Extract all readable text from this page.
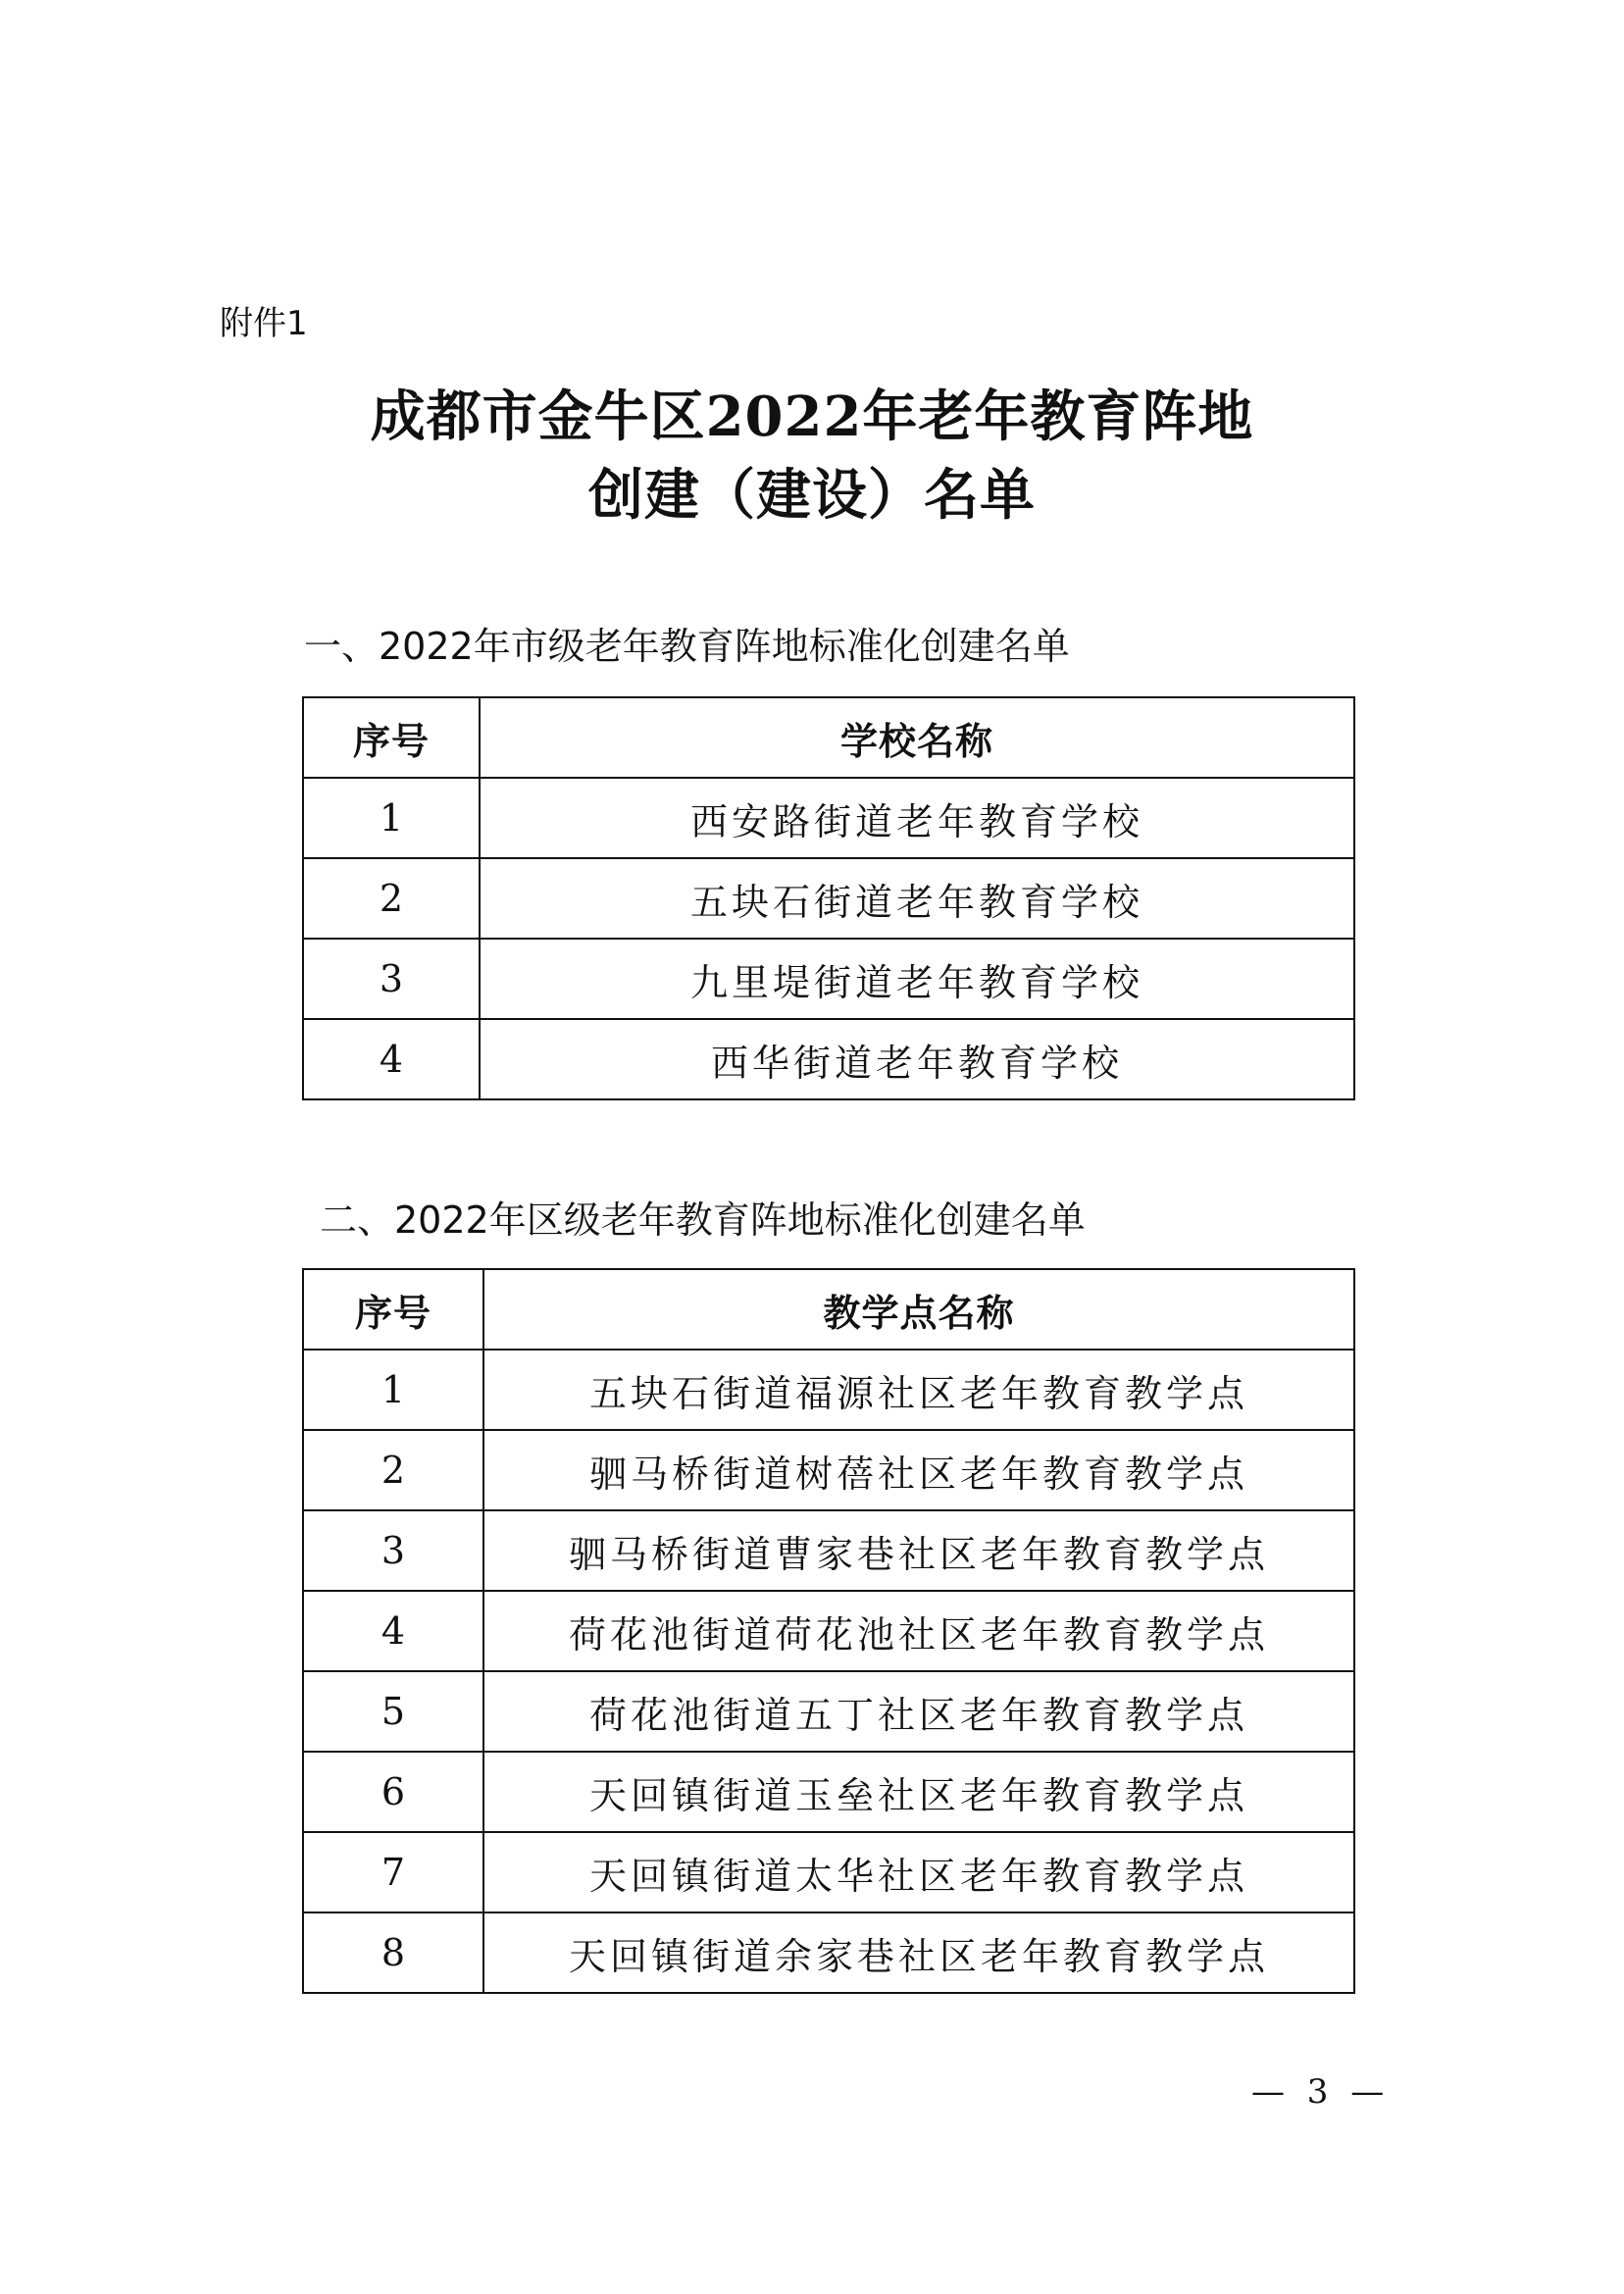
附件1
成都市金牛区2022年老年教育阵地
创建（建设）名单
一、2022年市级老年教育阵地标准化创建名单
序号	学校名称
1	西安路街道老年教育学校
2	五块石街道老年教育学校
3	九里堤街道老年教育学校
4	西华街道老年教育学校
二、2022年区级老年教育阵地标准化创建名单
序号	教学点名称
1	五块石街道福源社区老年教育教学点
2	驷马桥街道树蓓社区老年教育教学点
3	驷马桥街道曹家巷社区老年教育教学点
4	荷花池街道荷花池社区老年教育教学点
5	荷花池街道五丁社区老年教育教学点
6	天回镇街道玉垒社区老年教育教学点
7	天回镇街道太华社区老年教育教学点
8	天回镇街道余家巷社区老年教育教学点
— 3 —
